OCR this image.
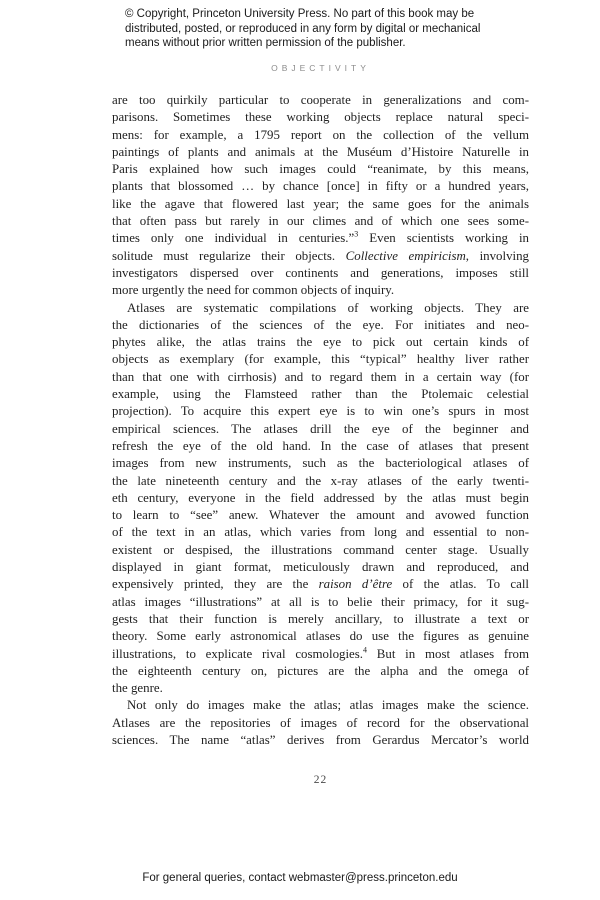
© Copyright, Princeton University Press. No part of this book may be
distributed, posted, or reproduced in any form by digital or mechanical
means without prior written permission of the publisher.
OBJECTIVITY
are too quirkily particular to cooperate in generalizations and com-
parisons. Sometimes these working objects replace natural speci-
mens: for example, a 1795 report on the collection of the vellum
paintings of plants and animals at the Muséum d’Histoire Naturelle in
Paris explained how such images could “reanimate, by this means,
plants that blossomed … by chance [once] in fifty or a hundred years,
like the agave that flowered last year; the same goes for the animals
that often pass but rarely in our climes and of which one sees some-
times only one individual in centuries.”$^3$ Even scientists working in
solitude must regularize their objects. Collective empiricism, involving
investigators dispersed over continents and generations, imposes still
more urgently the need for common objects of inquiry.
Atlases are systematic compilations of working objects. They are
the dictionaries of the sciences of the eye. For initiates and neo-
phytes alike, the atlas trains the eye to pick out certain kinds of
objects as exemplary (for example, this “typical” healthy liver rather
than that one with cirrhosis) and to regard them in a certain way (for
example, using the Flamsteed rather than the Ptolemaic celestial
projection). To acquire this expert eye is to win one’s spurs in most
empirical sciences. The atlases drill the eye of the beginner and
refresh the eye of the old hand. In the case of atlases that present
images from new instruments, such as the bacteriological atlases of
the late nineteenth century and the x-ray atlases of the early twenti-
eth century, everyone in the field addressed by the atlas must begin
to learn to “see” anew. Whatever the amount and avowed function
of the text in an atlas, which varies from long and essential to non-
existent or despised, the illustrations command center stage. Usually
displayed in giant format, meticulously drawn and reproduced, and
expensively printed, they are the raison d’être of the atlas. To call
atlas images “illustrations” at all is to belie their primacy, for it sug-
gests that their function is merely ancillary, to illustrate a text or
theory. Some early astronomical atlases do use the figures as genuine
illustrations, to explicate rival cosmologies.$^4$ But in most atlases from
the eighteenth century on, pictures are the alpha and the omega of
the genre.
Not only do images make the atlas; atlas images make the science.
Atlases are the repositories of images of record for the observational
sciences. The name “atlas” derives from Gerardus Mercator’s world
22
For general queries, contact webmaster@press.princeton.edu
